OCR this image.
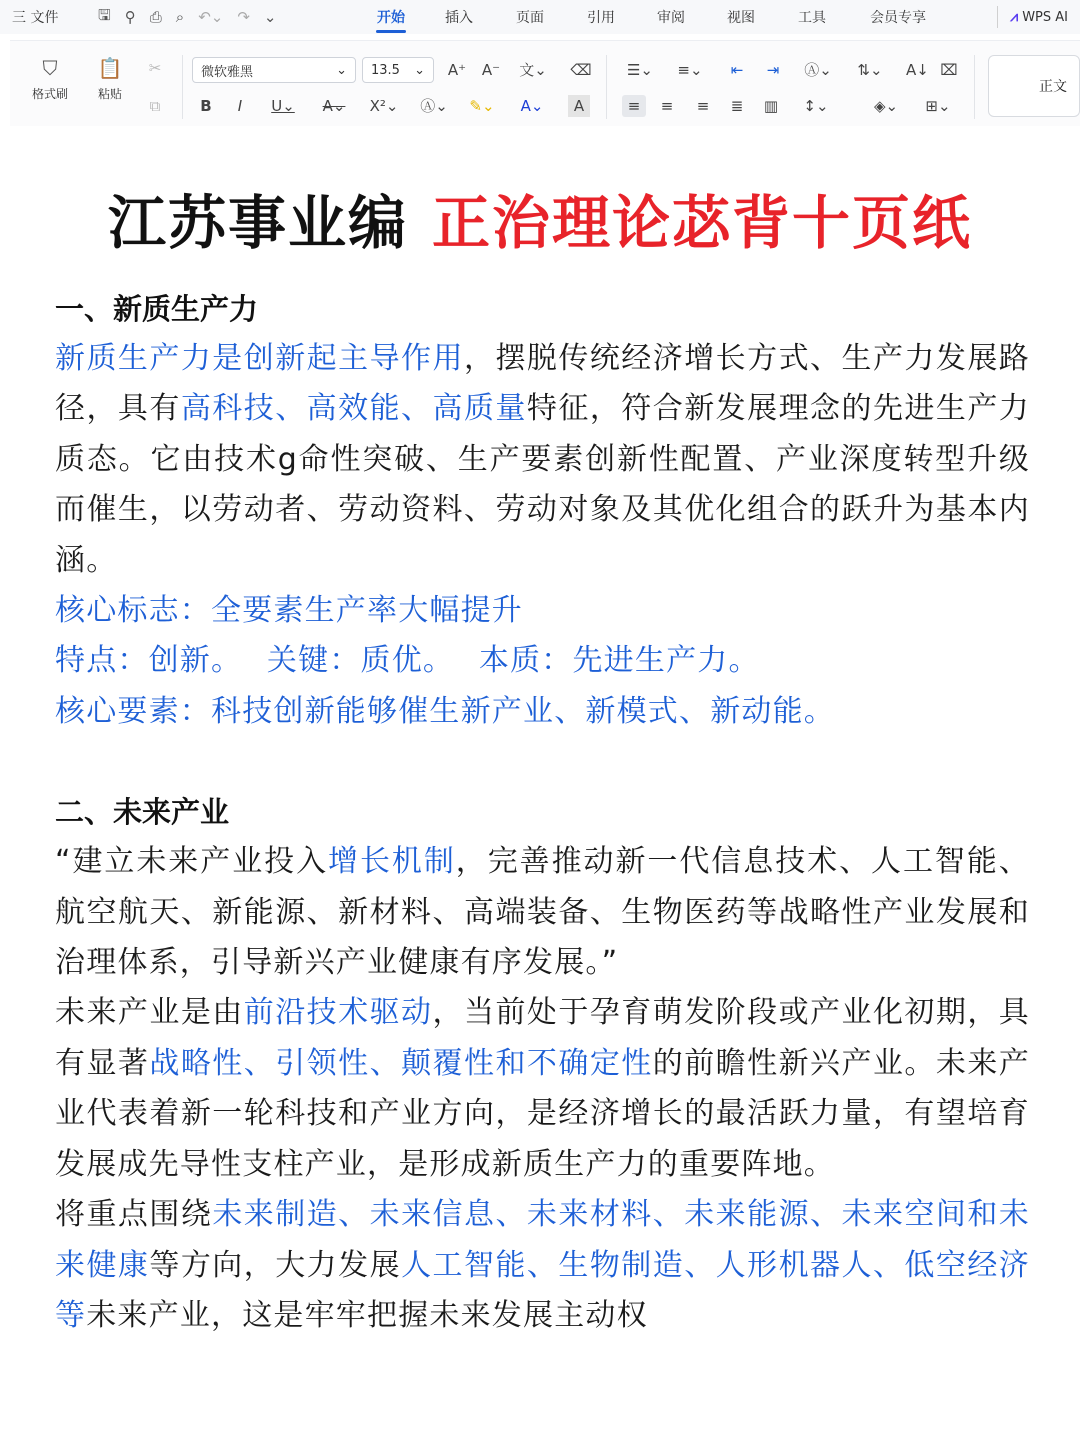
三 文件	🖫 ⚲ ⎙ ⌕ ↶⌄ ↷ ⌄	开始	插入	页面	引用	审阅	视图	工具	会员专享	⩘ WPS AI
⛉
格式刷
📋
粘贴
✂
⧉
微软雅黑	⌄ 13.5 ⌄ A⁺ A⁻ 文⌄ ⌫
B	I	U⌄	A⌄	X²⌄ Ⓐ⌄	✎⌄	A⌄	A
☰⌄	≡⌄	⇤	⇥	Ⓐ⌄	⇅⌄	A↓ ⌧
≡	≡	≡	≣	▥	↕⌄	◈⌄	⊞⌄
正文
江苏事业编 正治理论苾背十页纸
一、新质生产力
新质生产力是创新起主导作用，摆脱传统经济增长方式、生产力发展路径，具有高科技、高效能、高质量特征，符合新发展理念的先进生产力质态。它由技术g命性突破、生产要素创新性配置、产业深度转型升级而催生，以劳动者、劳动资料、劳动对象及其优化组合的跃升为基本内涵。
核心标志：全要素生产率大幅提升
特点：创新。 关键：质优。 本质：先进生产力。
核心要素：科技创新能够催生新产业、新模式、新动能。
二、未来产业
“建立未来产业投入增长机制，完善推动新一代信息技术、人工智能、航空航天、新能源、新材料、高端装备、生物医药等战略性产业发展和治理体系，引导新兴产业健康有序发展。”
未来产业是由前沿技术驱动，当前处于孕育萌发阶段或产业化初期，具有显著战略性、引领性、颠覆性和不确定性的前瞻性新兴产业。未来产业代表着新一轮科技和产业方向，是经济增长的最活跃力量，有望培育发展成先导性支柱产业，是形成新质生产力的重要阵地。
将重点围绕未来制造、未来信息、未来材料、未来能源、未来空间和未来健康等方向，大力发展人工智能、生物制造、人形机器人、低空经济等未来产业，这是牢牢把握未来发展主动权
